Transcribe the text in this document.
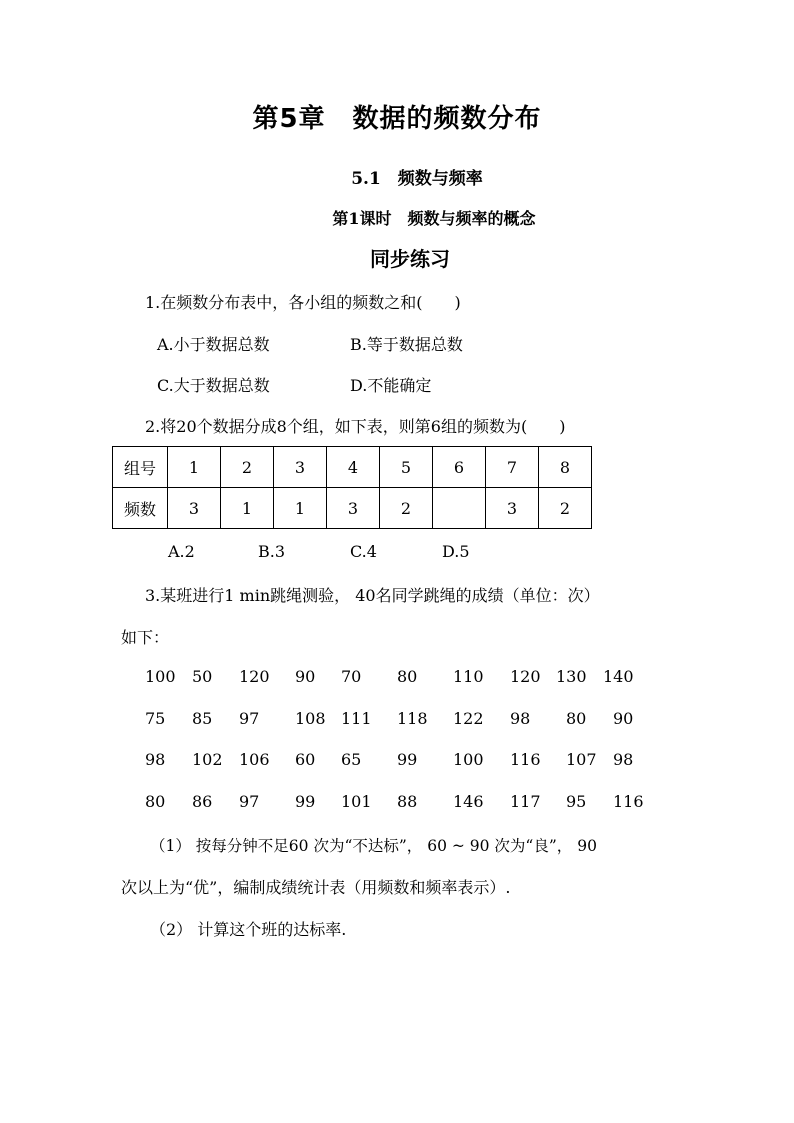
第5章　数据的频数分布
5.1　频数与频率
第1课时　频数与频率的概念
同步练习
1.在频数分布表中，各小组的频数之和(　　)
A.小于数据总数	B.等于数据总数
C.大于数据总数	D.不能确定
2.将20个数据分成8个组，如下表，则第6组的频数为(　　)
组号	1	2	3	4	5	6	7	8
频数	3	1	1	3	2		3	2
A.2	B.3	C.4	D.5
3.某班进行1 min跳绳测验， 40名同学跳绳的成绩（单位：次）
如下：
100 50 120 90 70 80 110 120 130 140
75 85 97 108 111 118 122 98 80 90
98 102 106 60 65 99 100 116 107 98
80 86 97 99 101 88 146 117 95 116
（1） 按每分钟不足60 次为“不达标”， 60 ~ 90 次为“良”， 90
次以上为“优”，编制成绩统计表（用频数和频率表示）.
（2） 计算这个班的达标率.
